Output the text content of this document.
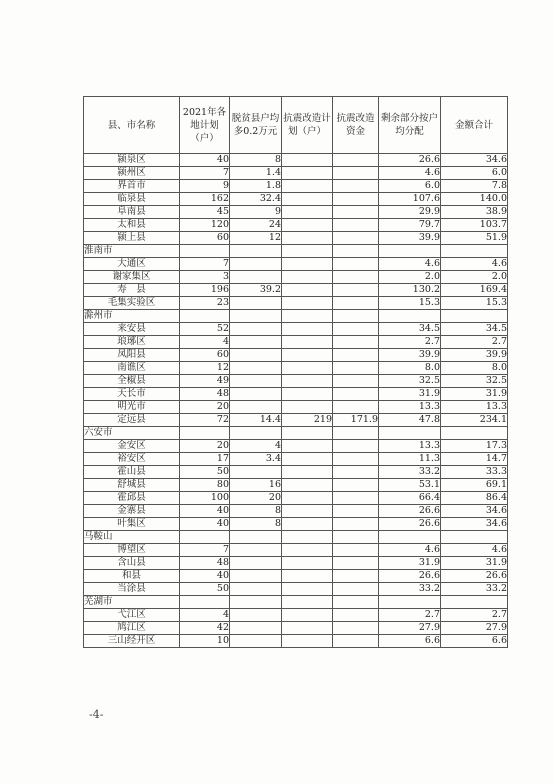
县、市名称	2021年各地计划（户）	脱贫县户均多0.2万元	抗震改造计划（户）	抗震改造资金	剩余部分按户均分配	金额合计
颍泉区	40	8			26.6	34.6
颍州区	7	1.4			4.6	6.0
界首市	9	1.8			6.0	7.8
临泉县	162	32.4			107.6	140.0
阜南县	45	9			29.9	38.9
太和县	120	24			79.7	103.7
颍上县	60	12			39.9	51.9
淮南市						
大通区	7				4.6	4.6
谢家集区	3				2.0	2.0
寿　县	196	39.2			130.2	169.4
毛集实验区	23				15.3	15.3
滁州市						
来安县	52				34.5	34.5
琅琊区	4				2.7	2.7
凤阳县	60				39.9	39.9
南谯区	12				8.0	8.0
全椒县	49				32.5	32.5
天长市	48				31.9	31.9
明光市	20				13.3	13.3
定远县	72	14.4	219	171.9	47.8	234.1
六安市						
金安区	20	4			13.3	17.3
裕安区	17	3.4			11.3	14.7
霍山县	50				33.2	33.3
舒城县	80	16			53.1	69.1
霍邱县	100	20			66.4	86.4
金寨县	40	8			26.6	34.6
叶集区	40	8			26.6	34.6
马鞍山						
博望区	7				4.6	4.6
含山县	48				31.9	31.9
和县	40				26.6	26.6
当涂县	50				33.2	33.2
芜湖市						
弋江区	4				2.7	2.7
鸠江区	42				27.9	27.9
三山经开区	10				6.6	6.6
-4-
